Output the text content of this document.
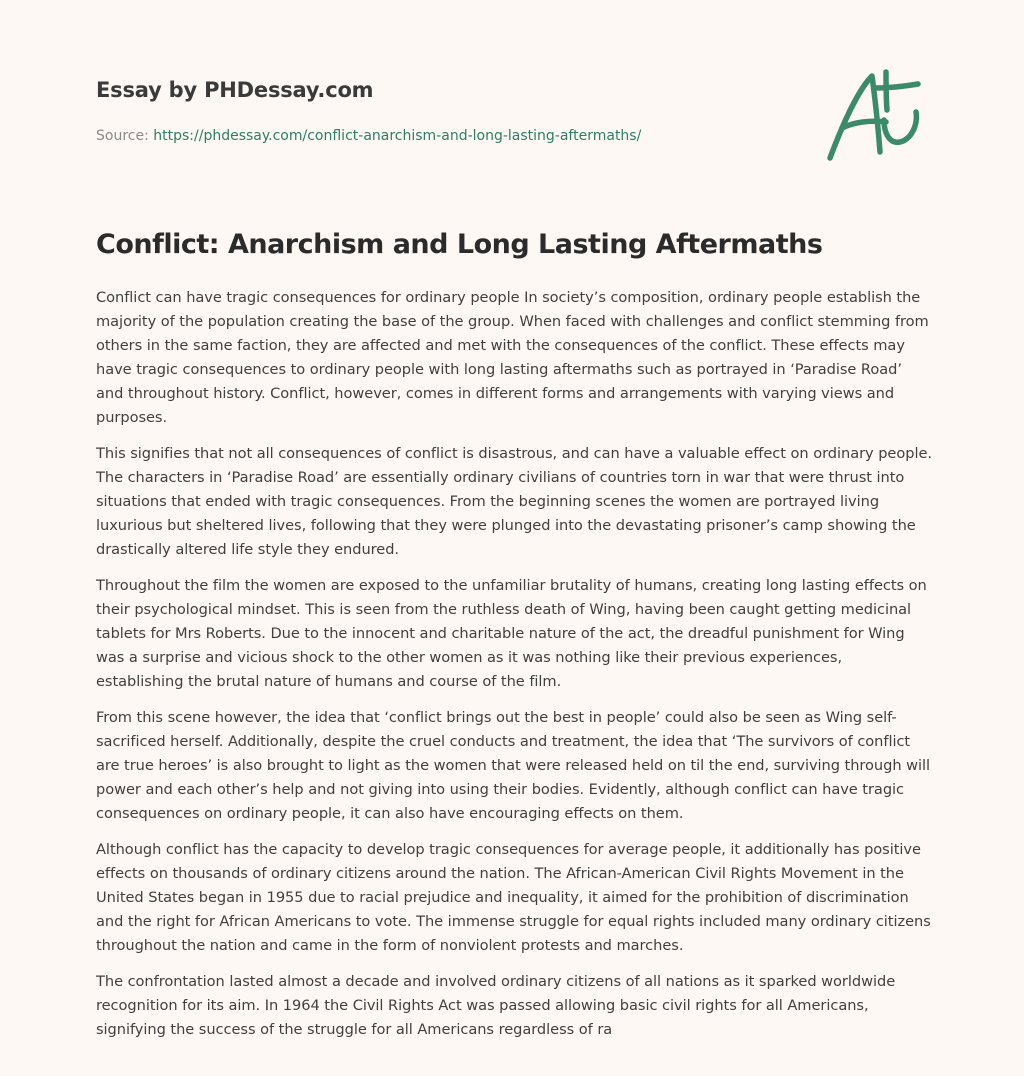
Essay by PHDessay.com
Source: https://phdessay.com/conflict-anarchism-and-long-lasting-aftermaths/
Conflict: Anarchism and Long Lasting Aftermaths

Conflict can have tragic consequences for ordinary people In society’s composition, ordinary people establish the majority of the population creating the base of the group. When faced with challenges and conflict stemming from others in the same faction, they are affected and met with the consequences of the conflict. These effects may have tragic consequences to ordinary people with long lasting aftermaths such as portrayed in ‘Paradise Road’ and throughout history. Conflict, however, comes in different forms and arrangements with varying views and purposes.

This signifies that not all consequences of conflict is disastrous, and can have a valuable effect on ordinary people. The characters in ‘Paradise Road’ are essentially ordinary civilians of countries torn in war that were thrust into situations that ended with tragic consequences. From the beginning scenes the women are portrayed living luxurious but sheltered lives, following that they were plunged into the devastating prisoner’s camp showing the drastically altered life style they endured.

Throughout the film the women are exposed to the unfamiliar brutality of humans, creating long lasting effects on their psychological mindset. This is seen from the ruthless death of Wing, having been caught getting medicinal tablets for Mrs Roberts. Due to the innocent and charitable nature of the act, the dreadful punishment for Wing was a surprise and vicious shock to the other women as it was nothing like their previous experiences, establishing the brutal nature of humans and course of the film.

From this scene however, the idea that ‘conflict brings out the best in people’ could also be seen as Wing self-sacrificed herself. Additionally, despite the cruel conducts and treatment, the idea that ‘The survivors of conflict are true heroes’ is also brought to light as the women that were released held on til the end, surviving through will power and each other’s help and not giving into using their bodies. Evidently, although conflict can have tragic consequences on ordinary people, it can also have encouraging effects on them.

Although conflict has the capacity to develop tragic consequences for average people, it additionally has positive effects on thousands of ordinary citizens around the nation. The African-American Civil Rights Movement in the United States began in 1955 due to racial prejudice and inequality, it aimed for the prohibition of discrimination and the right for African Americans to vote. The immense struggle for equal rights included many ordinary citizens throughout the nation and came in the form of nonviolent protests and marches.

The confrontation lasted almost a decade and involved ordinary citizens of all nations as it sparked worldwide recognition for its aim. In 1964 the Civil Rights Act was passed allowing basic civil rights for all Americans, signifying the success of the struggle for all Americans regardless of ra
